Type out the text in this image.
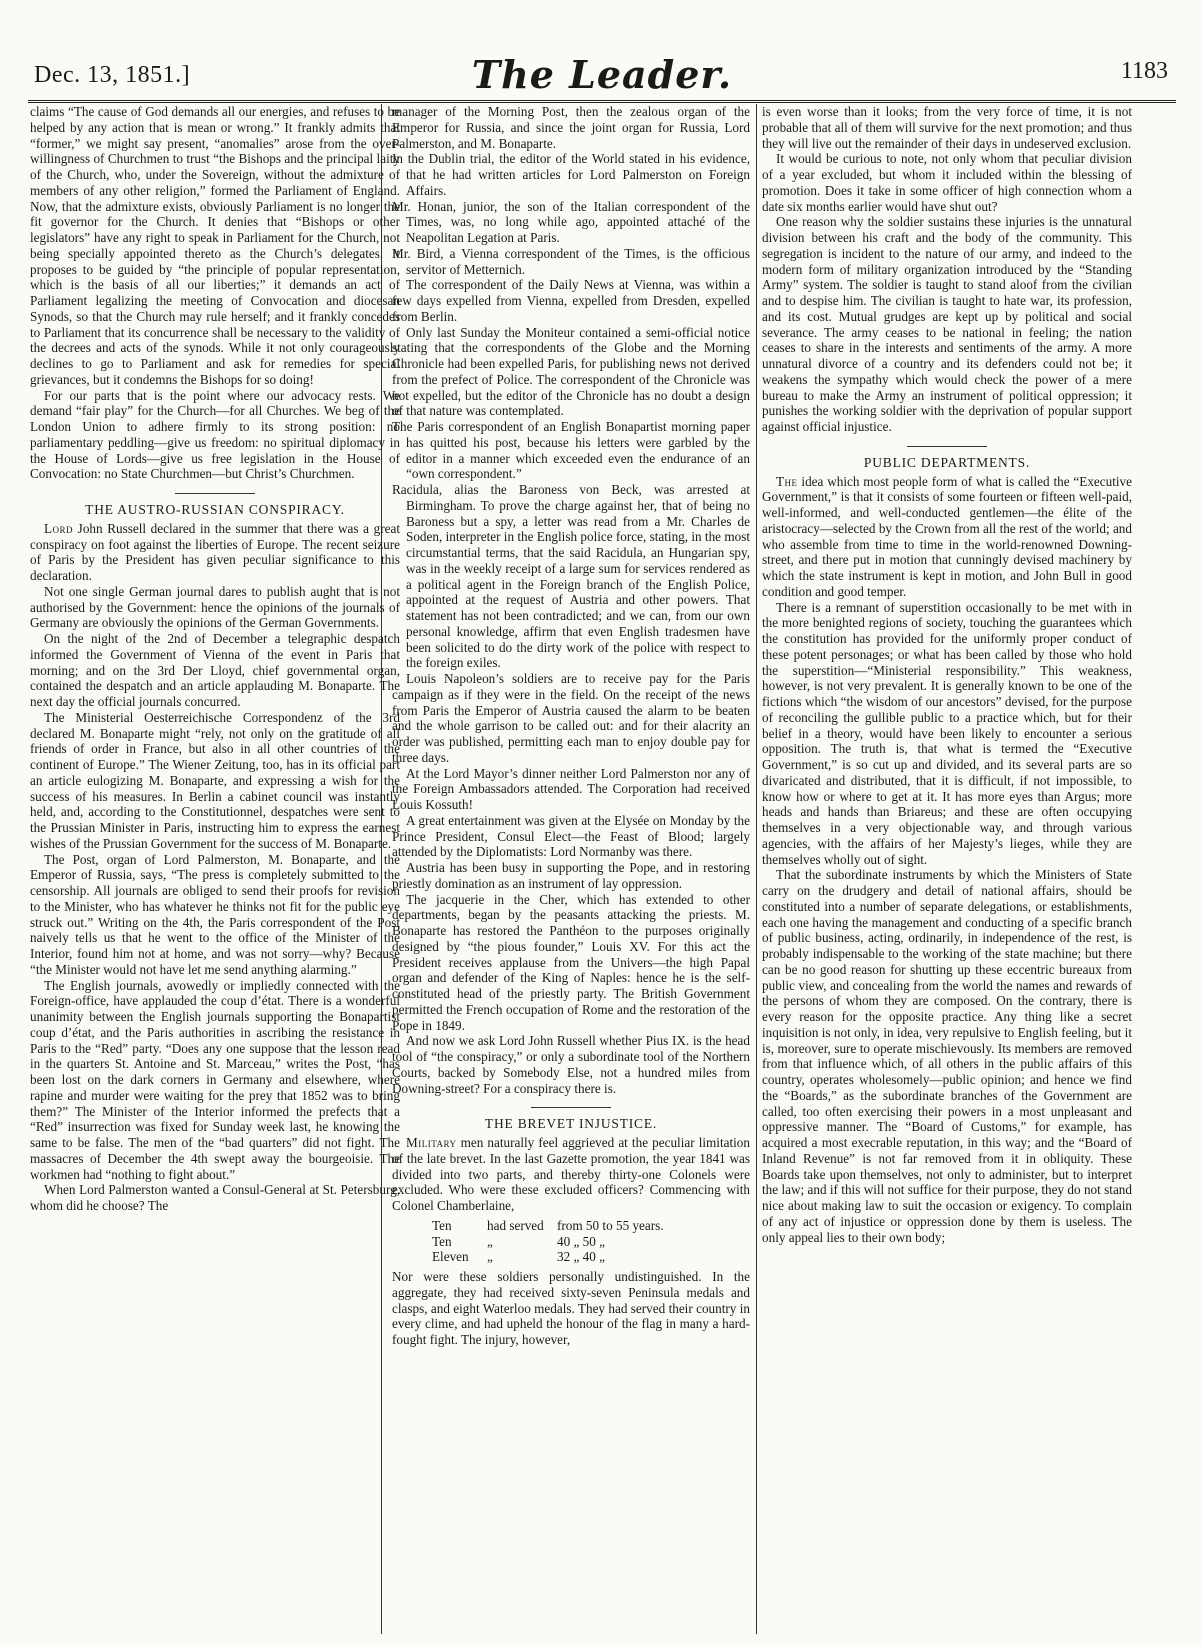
Dec. 13, 1851.]	The Leader.	1183

claims “The cause of God demands all our energies, and refuses to be helped by any action that is mean or wrong.” It frankly admits that “former,” we might say present, “anomalies” arose from the over-willingness of Churchmen to trust “the Bishops and the principal laity of the Church, who, under the Sovereign, without the admixture of members of any other religion,” formed the Parliament of England. Now, that the admixture exists, obviously Parliament is no longer the fit governor for the Church. It denies that “Bishops or other legislators” have any right to speak in Parliament for the Church, not being specially appointed thereto as the Church’s delegates. It proposes to be guided by “the principle of popular representation, which is the basis of all our liberties;” it demands an act of Parliament legalizing the meeting of Convocation and diocesan Synods, so that the Church may rule herself; and it frankly concedes to Parliament that its concurrence shall be necessary to the validity of the decrees and acts of the synods. While it not only courageously declines to go to Parliament and ask for remedies for special grievances, but it condemns the Bishops for so doing!

For our parts that is the point where our advocacy rests. We demand “fair play” for the Church—for all Churches. We beg of the London Union to adhere firmly to its strong position: no parliamentary peddling—give us freedom: no spiritual diplomacy in the House of Lords—give us free legislation in the House of Convocation: no State Churchmen—but Christ’s Churchmen.

THE AUSTRO-RUSSIAN CONSPIRACY.

Lord John Russell declared in the summer that there was a great conspiracy on foot against the liberties of Europe. The recent seizure of Paris by the President has given peculiar significance to this declaration.

Not one single German journal dares to publish aught that is not authorised by the Government: hence the opinions of the journals of Germany are obviously the opinions of the German Governments.

On the night of the 2nd of December a telegraphic despatch informed the Government of Vienna of the event in Paris that morning; and on the 3rd Der Lloyd, chief governmental organ, contained the despatch and an article applauding M. Bonaparte. The next day the official journals concurred.

The Ministerial Oesterreichische Correspondenz of the 3rd declared M. Bonaparte might “rely, not only on the gratitude of all friends of order in France, but also in all other countries of the continent of Europe.” The Wiener Zeitung, too, has in its official part an article eulogizing M. Bonaparte, and expressing a wish for the success of his measures. In Berlin a cabinet council was instantly held, and, according to the Constitutionnel, despatches were sent to the Prussian Minister in Paris, instructing him to express the earnest wishes of the Prussian Government for the success of M. Bonaparte.

The Post, organ of Lord Palmerston, M. Bonaparte, and the Emperor of Russia, says, “The press is completely submitted to the censorship. All journals are obliged to send their proofs for revision to the Minister, who has whatever he thinks not fit for the public eye struck out.” Writing on the 4th, the Paris correspondent of the Post naively tells us that he went to the office of the Minister of the Interior, found him not at home, and was not sorry—why? Because “the Minister would not have let me send anything alarming.”

The English journals, avowedly or impliedly connected with the Foreign-office, have applauded the coup d’état. There is a wonderful unanimity between the English journals supporting the Bonapartist coup d’état, and the Paris authorities in ascribing the resistance in Paris to the “Red” party. “Does any one suppose that the lesson read in the quarters St. Antoine and St. Marceau,” writes the Post, “has been lost on the dark corners in Germany and elsewhere, where rapine and murder were waiting for the prey that 1852 was to bring them?” The Minister of the Interior informed the prefects that a “Red” insurrection was fixed for Sunday week last, he knowing the same to be false. The men of the “bad quarters” did not fight. The massacres of December the 4th swept away the bourgeoisie. The workmen had “nothing to fight about.”

When Lord Palmerston wanted a Consul-General at St. Petersburg, whom did he choose? The

manager of the Morning Post, then the zealous organ of the Emperor for Russia, and since the joint organ for Russia, Lord Palmerston, and M. Bonaparte.

In the Dublin trial, the editor of the World stated in his evidence, that he had written articles for Lord Palmerston on Foreign Affairs.

Mr. Honan, junior, the son of the Italian correspondent of the Times, was, no long while ago, appointed attaché of the Neapolitan Legation at Paris.

Mr. Bird, a Vienna correspondent of the Times, is the officious servitor of Metternich.

The correspondent of the Daily News at Vienna, was within a few days expelled from Vienna, expelled from Dresden, expelled from Berlin.

Only last Sunday the Moniteur contained a semi-official notice stating that the correspondents of the Globe and the Morning Chronicle had been expelled Paris, for publishing news not derived from the prefect of Police. The correspondent of the Chronicle was not expelled, but the editor of the Chronicle has no doubt a design of that nature was contemplated.

The Paris correspondent of an English Bonapartist morning paper has quitted his post, because his letters were garbled by the editor in a manner which exceeded even the endurance of an “own correspondent.”

Racidula, alias the Baroness von Beck, was arrested at Birmingham. To prove the charge against her, that of being no Baroness but a spy, a letter was read from a Mr. Charles de Soden, interpreter in the English police force, stating, in the most circumstantial terms, that the said Racidula, an Hungarian spy, was in the weekly receipt of a large sum for services rendered as a political agent in the Foreign branch of the English Police, appointed at the request of Austria and other powers. That statement has not been contradicted; and we can, from our own personal knowledge, affirm that even English tradesmen have been solicited to do the dirty work of the police with respect to the foreign exiles.

Louis Napoleon’s soldiers are to receive pay for the Paris campaign as if they were in the field. On the receipt of the news from Paris the Emperor of Austria caused the alarm to be beaten and the whole garrison to be called out: and for their alacrity an order was published, permitting each man to enjoy double pay for three days.

At the Lord Mayor’s dinner neither Lord Palmerston nor any of the Foreign Ambassadors attended. The Corporation had received Louis Kossuth!

A great entertainment was given at the Elysée on Monday by the Prince President, Consul Elect—the Feast of Blood; largely attended by the Diplomatists: Lord Normanby was there.

Austria has been busy in supporting the Pope, and in restoring priestly domination as an instrument of lay oppression.

The jacquerie in the Cher, which has extended to other departments, began by the peasants attacking the priests. M. Bonaparte has restored the Panthéon to the purposes originally designed by “the pious founder,” Louis XV. For this act the President receives applause from the Univers—the high Papal organ and defender of the King of Naples: hence he is the self-constituted head of the priestly party. The British Government permitted the French occupation of Rome and the restoration of the Pope in 1849.

And now we ask Lord John Russell whether Pius IX. is the head tool of “the conspiracy,” or only a subordinate tool of the Northern Courts, backed by Somebody Else, not a hundred miles from Downing-street? For a conspiracy there is.

THE BREVET INJUSTICE.

Military men naturally feel aggrieved at the peculiar limitation of the late brevet. In the last Gazette promotion, the year 1841 was divided into two parts, and thereby thirty-one Colonels were excluded. Who were these excluded officers? Commencing with Colonel Chamberlaine,

Ten	had served from 50 to 55 years.
Ten	„	40 „ 50 „
Eleven „	32 „ 40 „

Nor were these soldiers personally undistinguished. In the aggregate, they had received sixty-seven Peninsula medals and clasps, and eight Waterloo medals. They had served their country in every clime, and had upheld the honour of the flag in many a hard-fought fight. The injury, however,

is even worse than it looks; from the very force of time, it is not probable that all of them will survive for the next promotion; and thus they will live out the remainder of their days in undeserved exclusion.

It would be curious to note, not only whom that peculiar division of a year excluded, but whom it included within the blessing of promotion. Does it take in some officer of high connection whom a date six months earlier would have shut out?

One reason why the soldier sustains these injuries is the unnatural division between his craft and the body of the community. This segregation is incident to the nature of our army, and indeed to the modern form of military organization introduced by the “Standing Army” system. The soldier is taught to stand aloof from the civilian and to despise him. The civilian is taught to hate war, its profession, and its cost. Mutual grudges are kept up by political and social severance. The army ceases to be national in feeling; the nation ceases to share in the interests and sentiments of the army. A more unnatural divorce of a country and its defenders could not be; it weakens the sympathy which would check the power of a mere bureau to make the Army an instrument of political oppression; it punishes the working soldier with the deprivation of popular support against official injustice.

PUBLIC DEPARTMENTS.

The idea which most people form of what is called the “Executive Government,” is that it consists of some fourteen or fifteen well-paid, well-informed, and well-conducted gentlemen—the élite of the aristocracy—selected by the Crown from all the rest of the world; and who assemble from time to time in the world-renowned Downing-street, and there put in motion that cunningly devised machinery by which the state instrument is kept in motion, and John Bull in good condition and good temper.

There is a remnant of superstition occasionally to be met with in the more benighted regions of society, touching the guarantees which the constitution has provided for the uniformly proper conduct of these potent personages; or what has been called by those who hold the superstition—“Ministerial responsibility.” This weakness, however, is not very prevalent. It is generally known to be one of the fictions which “the wisdom of our ancestors” devised, for the purpose of reconciling the gullible public to a practice which, but for their belief in a theory, would have been likely to encounter a serious opposition. The truth is, that what is termed the “Executive Government,” is so cut up and divided, and its several parts are so divaricated and distributed, that it is difficult, if not impossible, to know how or where to get at it. It has more eyes than Argus; more heads and hands than Briareus; and these are often occupying themselves in a very objectionable way, and through various agencies, with the affairs of her Majesty’s lieges, while they are themselves wholly out of sight.

That the subordinate instruments by which the Ministers of State carry on the drudgery and detail of national affairs, should be constituted into a number of separate delegations, or establishments, each one having the management and conducting of a specific branch of public business, acting, ordinarily, in independence of the rest, is probably indispensable to the working of the state machine; but there can be no good reason for shutting up these eccentric bureaux from public view, and concealing from the world the names and rewards of the persons of whom they are composed. On the contrary, there is every reason for the opposite practice. Any thing like a secret inquisition is not only, in idea, very repulsive to English feeling, but it is, moreover, sure to operate mischievously. Its members are removed from that influence which, of all others in the public affairs of this country, operates wholesomely—public opinion; and hence we find the “Boards,” as the subordinate branches of the Government are called, too often exercising their powers in a most unpleasant and oppressive manner. The “Board of Customs,” for example, has acquired a most execrable reputation, in this way; and the “Board of Inland Revenue” is not far removed from it in obliquity. These Boards take upon themselves, not only to administer, but to interpret the law; and if this will not suffice for their purpose, they do not stand nice about making law to suit the occasion or exigency. To complain of any act of injustice or oppression done by them is useless. The only appeal lies to their own body;
